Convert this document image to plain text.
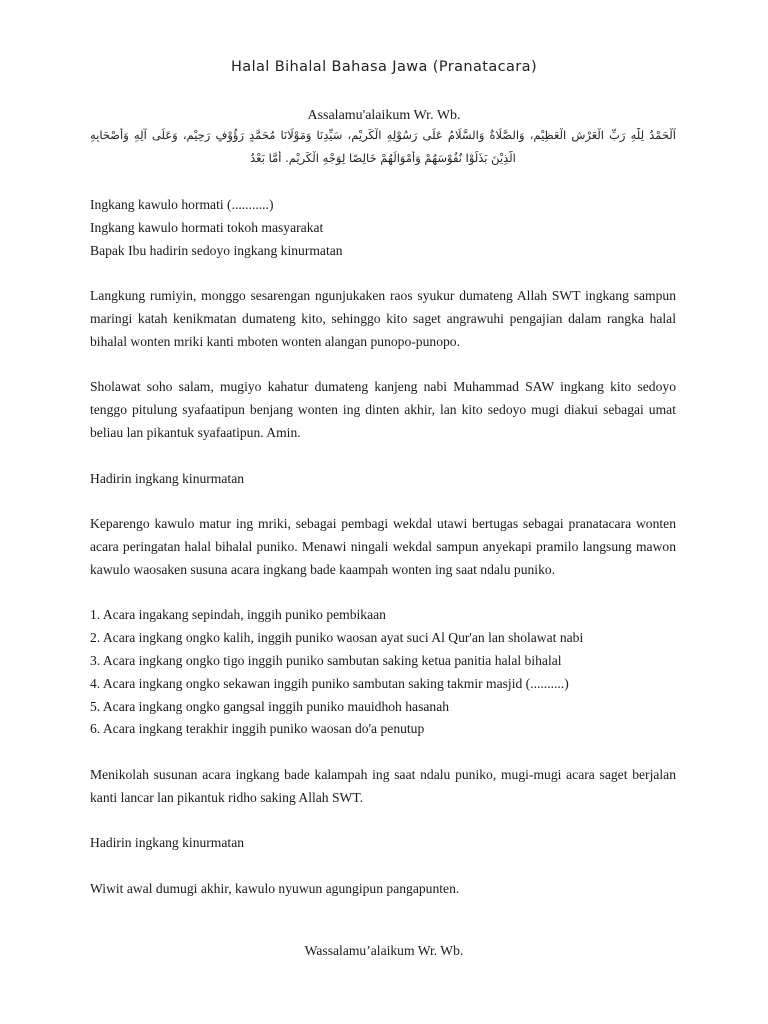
Halal Bihalal Bahasa Jawa (Pranatacara)
Assalamu'alaikum Wr. Wb.
اَلْحَمْدُ لِلّٰهِ رَبِّ الْعَرْشِ الْعَظِيْمِ، وَالصَّلَاةُ وَالسَّلَامُ عَلَى رَسُوْلِهِ الْكَرِيْمِ، سَيِّدِنَا وَمَوْلَانَا مُحَمَّدٍ رَؤُوْفٍ رَحِيْمٍ، وَعَلَى آلِهِ وَأَصْحَابِهِ
الَّذِيْنَ بَذَلُوْا نُفُوْسَهُمْ وَأَمْوَالَهُمْ خَالِصًا لِوَجْهِ الْكَرِيْمِ. أَمَّا بَعْدُ

Ingkang kawulo hormati (...........)
Ingkang kawulo hormati tokoh masyarakat
Bapak Ibu hadirin sedoyo ingkang kinurmatan

Langkung rumiyin, monggo sesarengan ngunjukaken raos syukur dumateng Allah SWT ingkang sampun maringi katah kenikmatan dumateng kito, sehinggo kito saget angrawuhi pengajian dalam rangka halal bihalal wonten mriki kanti mboten wonten alangan punopo-punopo.

Sholawat soho salam, mugiyo kahatur dumateng kanjeng nabi Muhammad SAW ingkang kito sedoyo tenggo pitulung syafaatipun benjang wonten ing dinten akhir, lan kito sedoyo mugi diakui sebagai umat beliau lan pikantuk syafaatipun. Amin.

Hadirin ingkang kinurmatan

Keparengo kawulo matur ing mriki, sebagai pembagi wekdal utawi bertugas sebagai pranatacara wonten acara peringatan halal bihalal puniko. Menawi ningali wekdal sampun anyekapi pramilo langsung mawon kawulo waosaken susuna acara ingkang bade kaampah wonten ing saat ndalu puniko.

1. Acara ingakang sepindah, inggih puniko pembikaan
2. Acara ingkang ongko kalih, inggih puniko waosan ayat suci Al Qur'an lan sholawat nabi
3. Acara ingkang ongko tigo inggih puniko sambutan saking ketua panitia halal bihalal
4. Acara ingkang ongko sekawan inggih puniko sambutan saking takmir masjid (..........)
5. Acara ingkang ongko gangsal inggih puniko mauidhoh hasanah
6. Acara ingkang terakhir inggih puniko waosan do'a penutup

Menikolah susunan acara ingkang bade kalampah ing saat ndalu puniko, mugi-mugi acara saget berjalan kanti lancar lan pikantuk ridho saking Allah SWT.

Hadirin ingkang kinurmatan

Wiwit awal dumugi akhir, kawulo nyuwun agungipun pangapunten.

Wassalamu’alaikum Wr. Wb.
